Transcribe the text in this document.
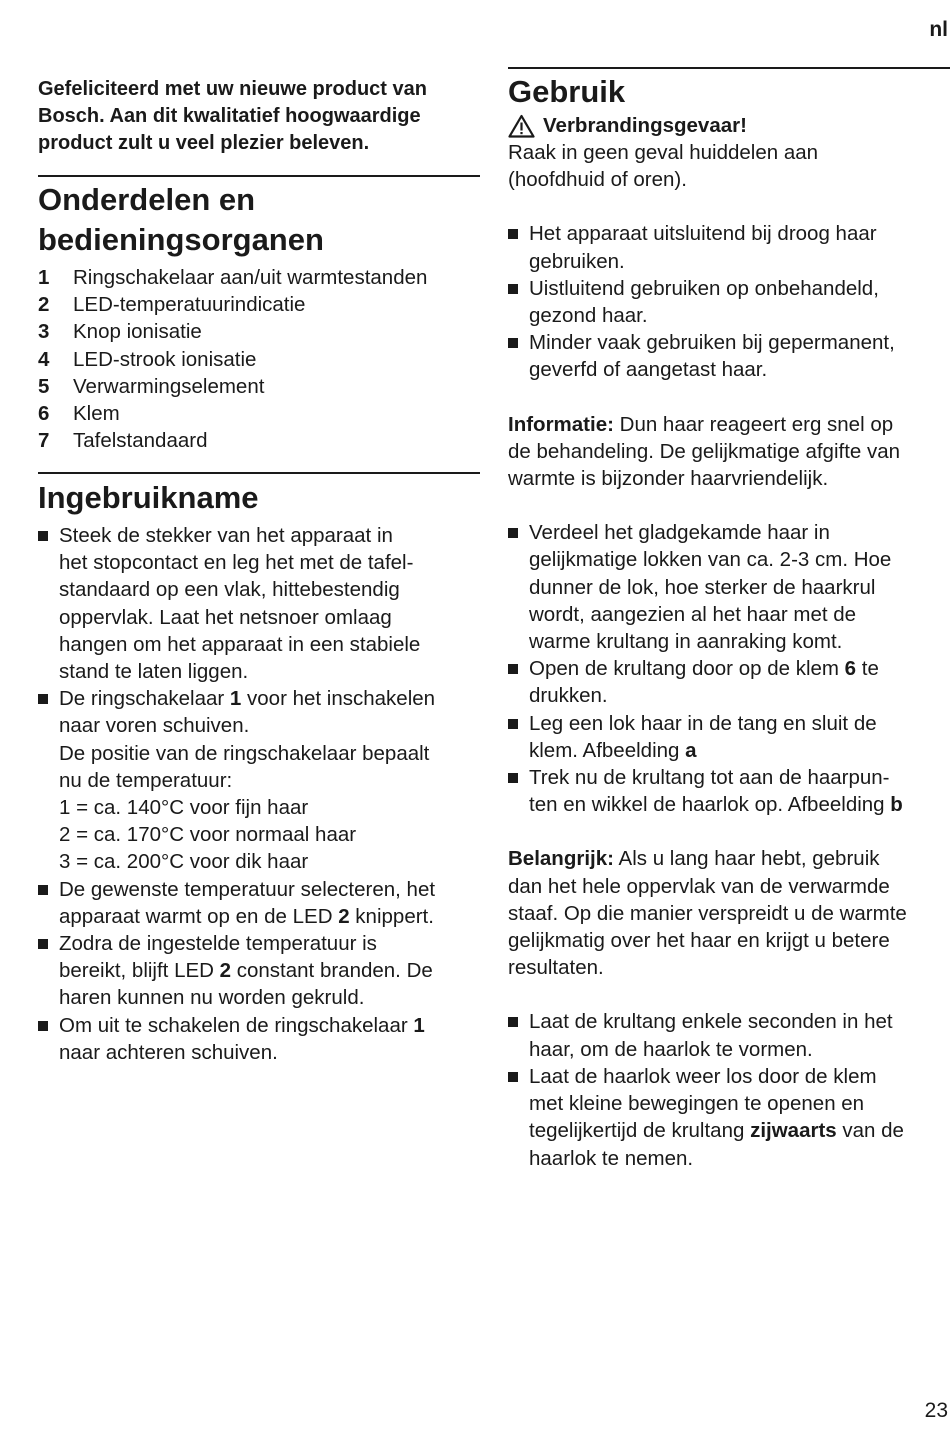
nl
Gefeliciteerd met uw nieuwe product van Bosch. Aan dit kwalitatief hoogwaardige product zult u veel plezier beleven.
Onderdelen en
bedieningsorganen
1	Ringschakelaar aan/uit warmtestanden
2	LED-temperatuurindicatie
3	Knop ionisatie
4	LED-strook ionisatie
5	Verwarmingselement
6	Klem
7	Tafelstandaard
Ingebruikname
Steek de stekker van het apparaat in
het stopcontact en leg het met de tafel-
standaard op een vlak, hittebestendig
oppervlak. Laat het netsnoer omlaag
hangen om het apparaat in een stabiele
stand te laten liggen.
De ringschakelaar 1 voor het inschakelen
naar voren schuiven.
De positie van de ringschakelaar bepaalt
nu de temperatuur:
1 = ca. 140°C voor fijn haar
2 = ca. 170°C voor normaal haar
3 = ca. 200°C voor dik haar
De gewenste temperatuur selecteren, het
apparaat warmt op en de LED 2 knippert.
Zodra de ingestelde temperatuur is
bereikt, blijft LED 2 constant branden. De
haren kunnen nu worden gekruld.
Om uit te schakelen de ringschakelaar 1
naar achteren schuiven.
Gebruik
Verbrandingsgevaar!

Raak in geen geval huiddelen aan
(hoofdhuid of oren).

Het apparaat uitsluitend bij droog haar
gebruiken.
Uistluitend gebruiken op onbehandeld,
gezond haar.
Minder vaak gebruiken bij gepermanent,
geverfd of aangetast haar.

Informatie: Dun haar reageert erg snel op
de behandeling. De gelijkmatige afgifte van
warmte is bijzonder haarvriendelijk.

Verdeel het gladgekamde haar in
gelijkmatige lokken van ca. 2-3 cm. Hoe
dunner de lok, hoe sterker de haarkrul
wordt, aangezien al het haar met de
warme krultang in aanraking komt.
Open de krultang door op de klem 6 te
drukken.
Leg een lok haar in de tang en sluit de
klem. Afbeelding a
Trek nu de krultang tot aan de haarpun-
ten en wikkel de haarlok op. Afbeelding b

Belangrijk: Als u lang haar hebt, gebruik
dan het hele oppervlak van de verwarmde
staaf. Op die manier verspreidt u de warmte
gelijkmatig over het haar en krijgt u betere
resultaten.

Laat de krultang enkele seconden in het
haar, om de haarlok te vormen.
Laat de haarlok weer los door de klem
met kleine bewegingen te openen en
tegelijkertijd de krultang zijwaarts van de
haarlok te nemen.
23
